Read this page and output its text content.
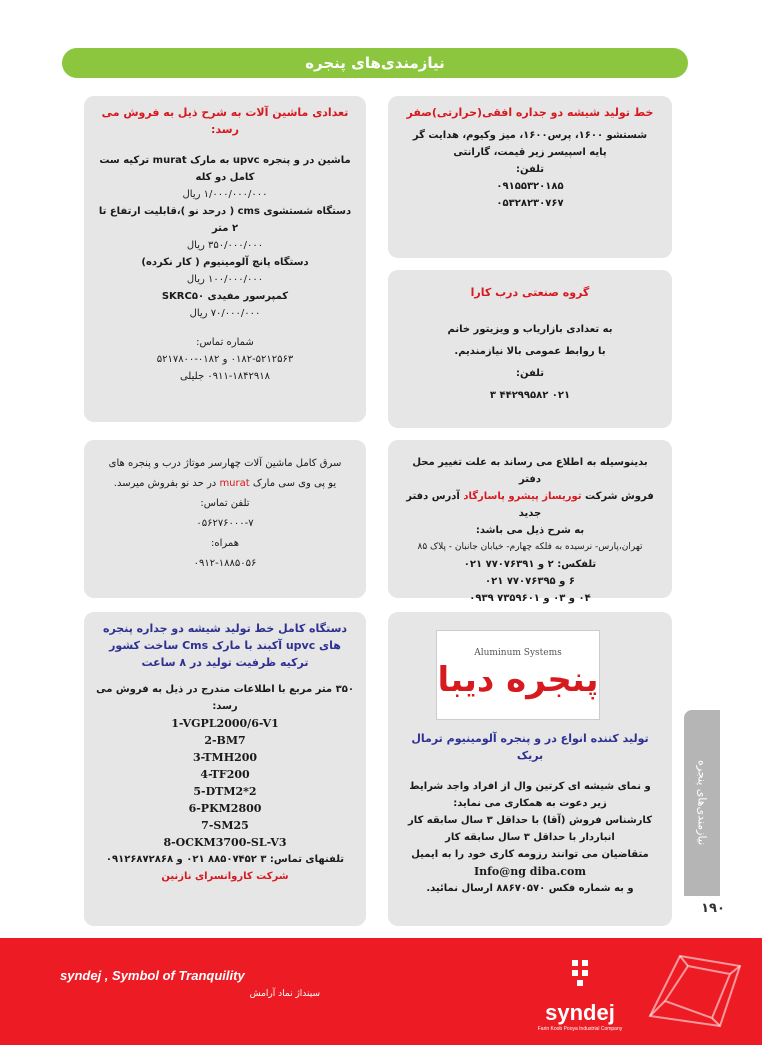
نیازمندی‌های پنجره
خط تولید شیشه دو جداره افقی(حرارتی)صفر
شستشو ۱۶۰۰، پرس۱۶۰۰، میز وکیوم، هدایت گر
پایه اسپیسر زیر قیمت، گارانتی
تلفن:
۰۹۱۵۵۳۲۰۱۸۵
۰۵۳۲۸۲۳۰۷۶۷
گروه صنعتی درب کارا
به تعدادی بازاریاب و ویزیتور خانم
با روابط عمومی بالا نیازمندیم.
تلفن:
۰۲۱ ۴۴۲۹۹۵۸۲ ۳
بدینوسیله به اطلاع می رساند به علت تغییر محل دفتر
فروش شرکت توریساز پیشرو پاسارگاد آدرس دفتر جدید
به شرح ذیل می باشد:
تهران،پارس- نرسیده به فلکه چهارم- خیابان جانبان - پلاک ۸۵
تلفکس: ۲ و ۷۷۰۷۶۳۹۱ ۰۲۱
۶ و ۷۷۰۷۶۳۹۵ ۰۲۱
۰۴ و ۰۳ و ۷۳۵۹۶۰۱ ۰۹۳۹
تولید کننده انواع در و پنجره آلومینیوم ترمال بریک
و نمای شیشه ای کرتین وال از افراد واجد شرایط زیر دعوت به همکاری می نماید:
کارشناس فروش (آقا) با حداقل ۳ سال سابقه کار
انباردار با حداقل ۳ سال سابقه کار
متقاضیان می توانند رزومه کاری خود را به ایمیل
Info@ng diba.com
و به شماره فکس ۸۸۶۷۰۵۷۰ ارسال نمائید.
Aluminum Systems
پنجره دیبا
تعدادی ماشین آلات به شرح ذیل به فروش می رسد:
ماشین در و پنجره upvc به مارک murat ترکیه ست کامل دو کله
۱/۰۰۰/۰۰۰/۰۰۰ ریال
دستگاه شستشوی cms ( درحد نو )،قابلیت ارتفاع تا ۲ متر
۳۵۰/۰۰۰/۰۰۰ ریال
دستگاه پانچ آلومینیوم ( کار نکرده)
۱۰۰/۰۰۰/۰۰۰ ریال
کمپرسور مفیدی SKRC۵۰
۷۰/۰۰۰/۰۰۰ ریال
شماره تماس:
۰۱۸۲-۵۲۱۲۵۶۳ و ۰۱۸۲-۵۲۱۷۸۰۰
۰۹۱۱-۱۸۴۲۹۱۸ جلیلی
سرق کامل ماشین آلات چهارسر موتاژ درب و پنجره های
یو پی وی سی مارک murat در حد نو بفروش میرسد.
تلفن تماس:
۰۵۶۲۷۶۰۰۰-۷
همراه:
۰۹۱۲-۱۸۸۵۰۵۶
دستگاه کامل خط تولید شیشه دو جداره پنجره های upvc آکبند با مارک Cms ساخت کشور ترکیه ظرفیت تولید در ۸ ساعت
۳۵۰ متر مربع با اطلاعات مندرج در ذیل به فروش می رسد:
1-VGPL2000/6-V1
2-BM7
3-TMH200
4-TF200
5-DTM2*2
6-PKM2800
7-SM25
8-OCKM3700-SL-V3
تلفنهای تماس: ۳ ۸۸۵۰۷۴۵۲ ۰۲۱ و ۰۹۱۲۶۸۷۲۸۶۸
شرکت کاروانسرای نازنین
نیازمندی‌های پنجره
۱۹۰
syndej , Symbol of Tranquility
سینداژ نماد آرامش
syndej
Farin Koob Pooya Industrial Company
